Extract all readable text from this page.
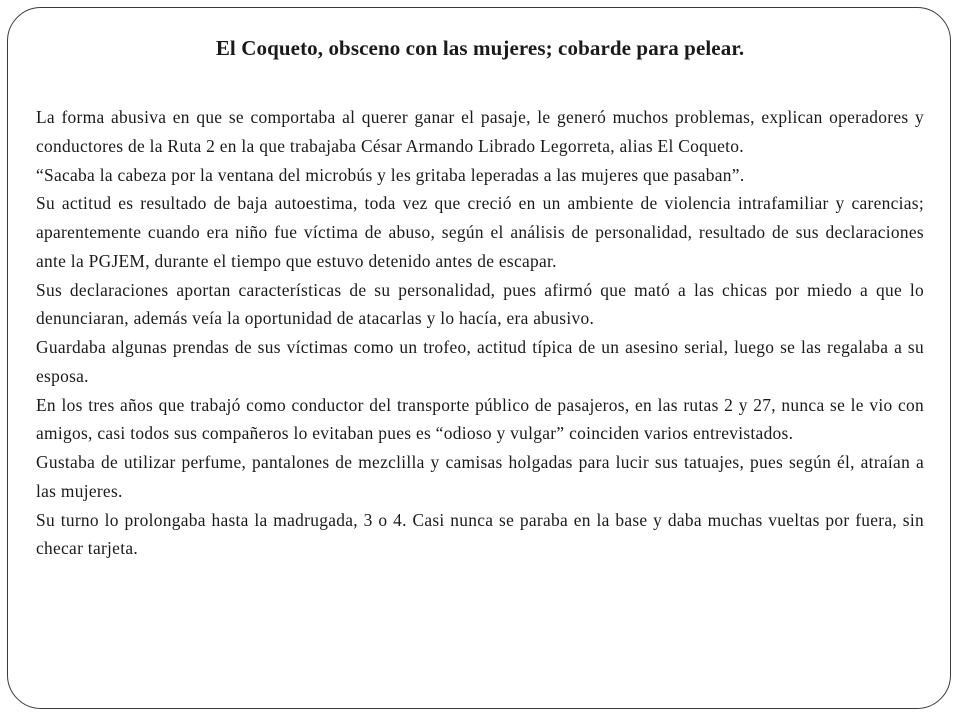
El Coqueto, obsceno con las mujeres; cobarde para pelear.

La forma abusiva en que se comportaba al querer ganar el pasaje, le generó muchos problemas, explican operadores y conductores de la Ruta 2 en la que trabajaba César Armando Librado Legorreta, alias El Coqueto.

“Sacaba la cabeza por la ventana del microbús y les gritaba leperadas a las mujeres que pasaban”.

Su actitud es resultado de baja autoestima, toda vez que creció en un ambiente de violencia intrafamiliar y carencias; aparentemente cuando era niño fue víctima de abuso, según el análisis de personalidad, resultado de sus declaraciones ante la PGJEM, durante el tiempo que estuvo detenido antes de escapar.

Sus declaraciones aportan características de su personalidad, pues afirmó que mató a las chicas por miedo a que lo denunciaran, además veía la oportunidad de atacarlas y lo hacía, era abusivo.

Guardaba algunas prendas de sus víctimas como un trofeo, actitud típica de un asesino serial, luego se las regalaba a su esposa.

En los tres años que trabajó como conductor del transporte público de pasajeros, en las rutas 2 y 27, nunca se le vio con amigos, casi todos sus compañeros lo evitaban pues es “odioso y vulgar” coinciden varios entrevistados.

Gustaba de utilizar perfume, pantalones de mezclilla y camisas holgadas para lucir sus tatuajes, pues según él, atraían a las mujeres.

Su turno lo prolongaba hasta la madrugada, 3 o 4. Casi nunca se paraba en la base y daba muchas vueltas por fuera, sin checar tarjeta.
